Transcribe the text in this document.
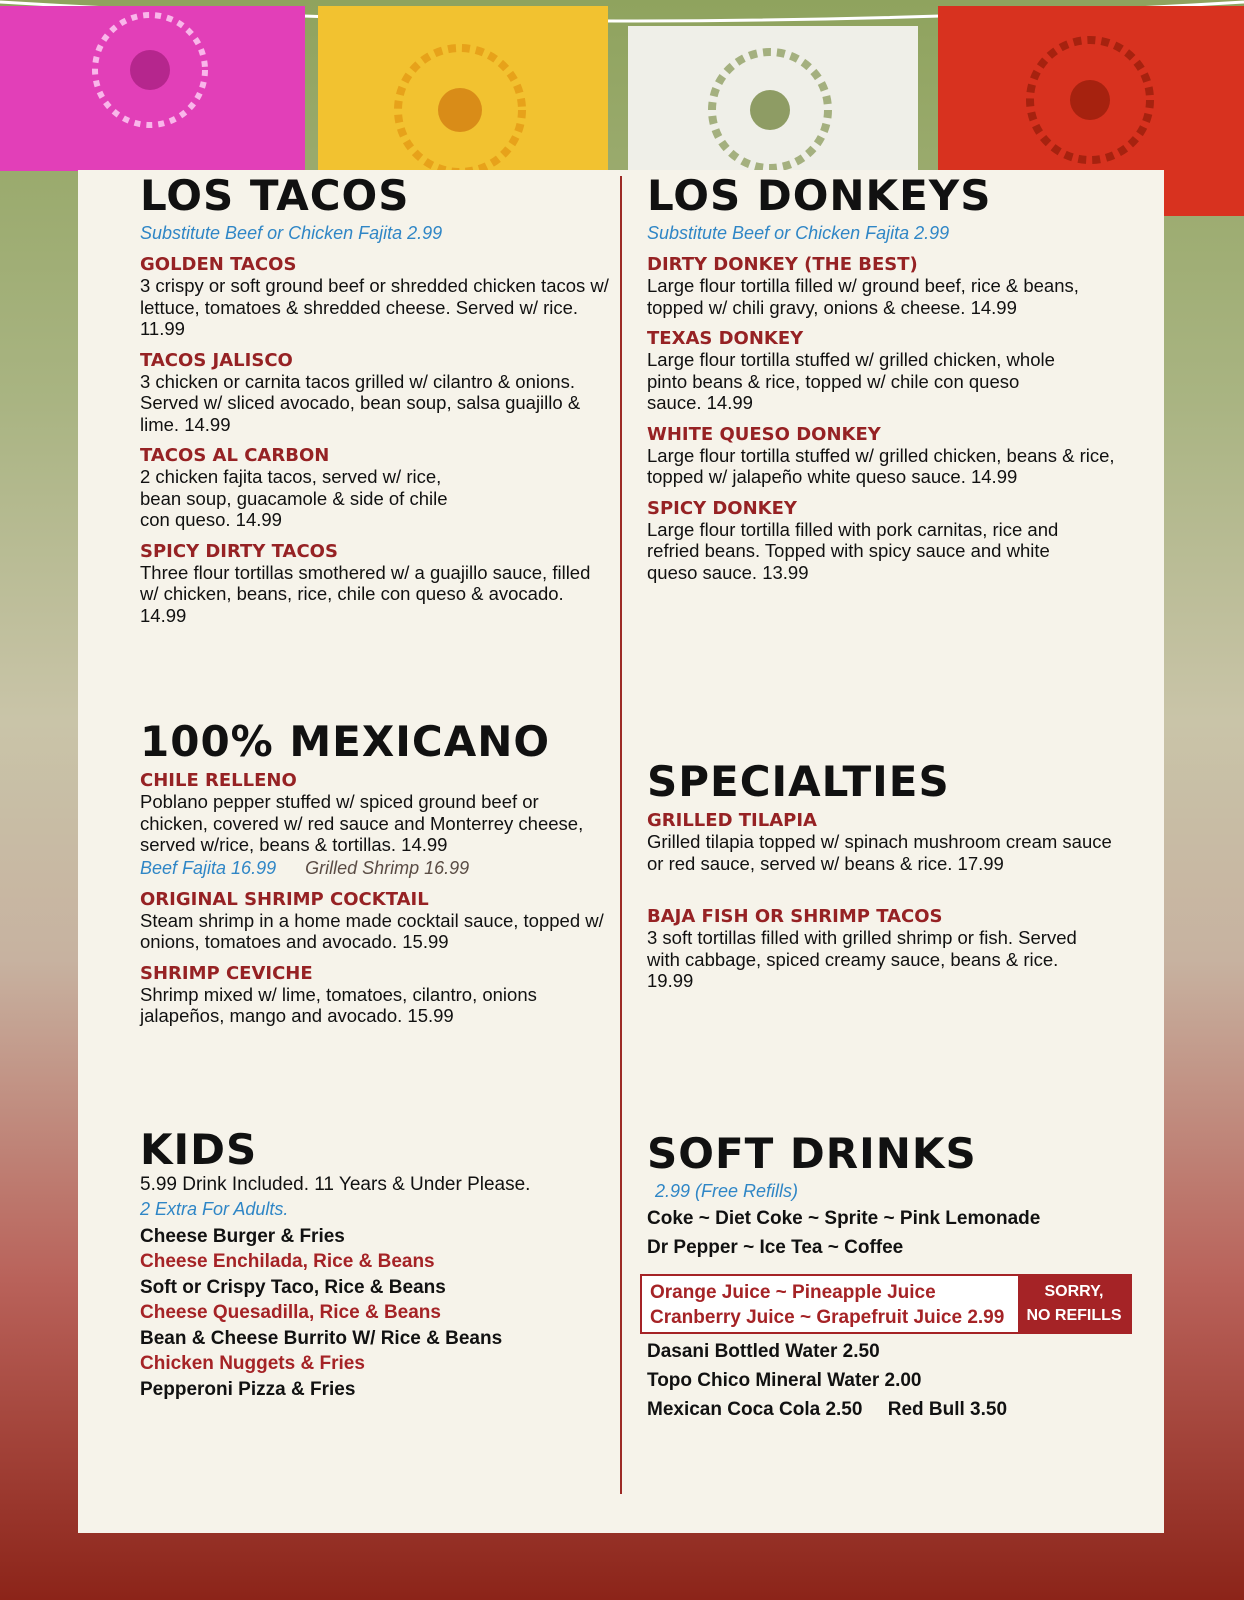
LOS TACOS
Substitute Beef or Chicken Fajita 2.99
GOLDEN TACOS
3 crispy or soft ground beef or shredded chicken tacos w/ lettuce, tomatoes & shredded cheese. Served w/ rice. 11.99
TACOS JALISCO
3 chicken or carnita tacos grilled w/ cilantro & onions. Served w/ sliced avocado, bean soup, salsa guajillo & lime. 14.99
TACOS AL CARBON
2 chicken fajita tacos, served w/ rice, bean soup, guacamole & side of chile con queso. 14.99
SPICY DIRTY TACOS
Three flour tortillas smothered w/ a guajillo sauce, filled w/ chicken, beans, rice, chile con queso & avocado. 14.99
100% MEXICANO
CHILE RELLENO
Poblano pepper stuffed w/ spiced ground beef or chicken, covered w/ red sauce and Monterrey cheese, served w/rice, beans & tortillas. 14.99
Beef Fajita 16.99 Grilled Shrimp 16.99
ORIGINAL SHRIMP COCKTAIL
Steam shrimp in a home made cocktail sauce, topped w/ onions, tomatoes and avocado. 15.99
SHRIMP CEVICHE
Shrimp mixed w/ lime, tomatoes, cilantro, onions jalapeños, mango and avocado. 15.99
KIDS
5.99 Drink Included. 11 Years & Under Please.
2 Extra For Adults.
Cheese Burger & Fries
Cheese Enchilada, Rice & Beans
Soft or Crispy Taco, Rice & Beans
Cheese Quesadilla, Rice & Beans
Bean & Cheese Burrito W/ Rice & Beans
Chicken Nuggets & Fries
Pepperoni Pizza & Fries
LOS DONKEYS
Substitute Beef or Chicken Fajita 2.99
DIRTY DONKEY (THE BEST)
Large flour tortilla filled w/ ground beef, rice & beans, topped w/ chili gravy, onions & cheese. 14.99
TEXAS DONKEY
Large flour tortilla stuffed w/ grilled chicken, whole pinto beans & rice, topped w/ chile con queso sauce. 14.99
WHITE QUESO DONKEY
Large flour tortilla stuffed w/ grilled chicken, beans & rice, topped w/ jalapeño white queso sauce. 14.99
SPICY DONKEY
Large flour tortilla filled with pork carnitas, rice and refried beans. Topped with spicy sauce and white queso sauce. 13.99
SPECIALTIES
GRILLED TILAPIA
Grilled tilapia topped w/ spinach mushroom cream sauce or red sauce, served w/ beans & rice. 17.99
BAJA FISH OR SHRIMP TACOS
3 soft tortillas filled with grilled shrimp or fish. Served with cabbage, spiced creamy sauce, beans & rice. 19.99
SOFT DRINKS
2.99 (Free Refills)
Coke ~ Diet Coke ~ Sprite ~ Pink Lemonade
Dr Pepper ~ Ice Tea ~ Coffee
Orange Juice ~ Pineapple Juice
Cranberry Juice ~ Grapefruit Juice 2.99
SORRY,
NO REFILLS
Dasani Bottled Water 2.50
Topo Chico Mineral Water 2.00
Mexican Coca Cola 2.50 Red Bull 3.50
